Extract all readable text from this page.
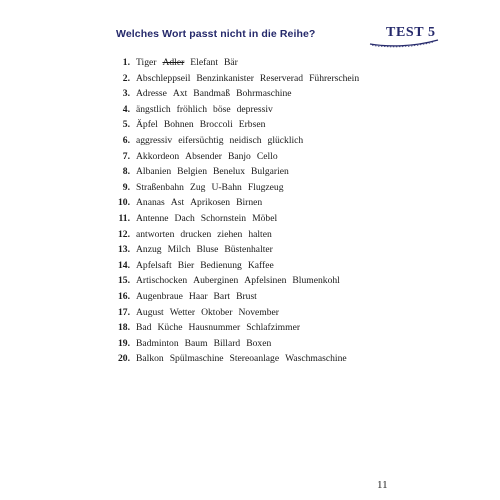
Welches Wort passt nicht in die Reihe?	TEST 5
1. Tiger Adler Elefant Bär
2. Abschleppseil Benzinkanister Reserverad Führerschein
3. Adresse Axt Bandmaß Bohrmaschine
4. ängstlich fröhlich böse depressiv
5. Äpfel Bohnen Broccoli Erbsen
6. aggressiv eifersüchtig neidisch glücklich
7. Akkordeon Absender Banjo Cello
8. Albanien Belgien Benelux Bulgarien
9. Straßenbahn Zug U-Bahn Flugzeug
10. Ananas Ast Aprikosen Birnen
11. Antenne Dach Schornstein Möbel
12. antworten drucken ziehen halten
13. Anzug Milch Bluse Büstenhalter
14. Apfelsaft Bier Bedienung Kaffee
15. Artischocken Auberginen Apfelsinen Blumenkohl
16. Augenbraue Haar Bart Brust
17. August Wetter Oktober November
18. Bad Küche Hausnummer Schlafzimmer
19. Badminton Baum Billard Boxen
20. Balkon Spülmaschine Stereoanlage Waschmaschine
11
